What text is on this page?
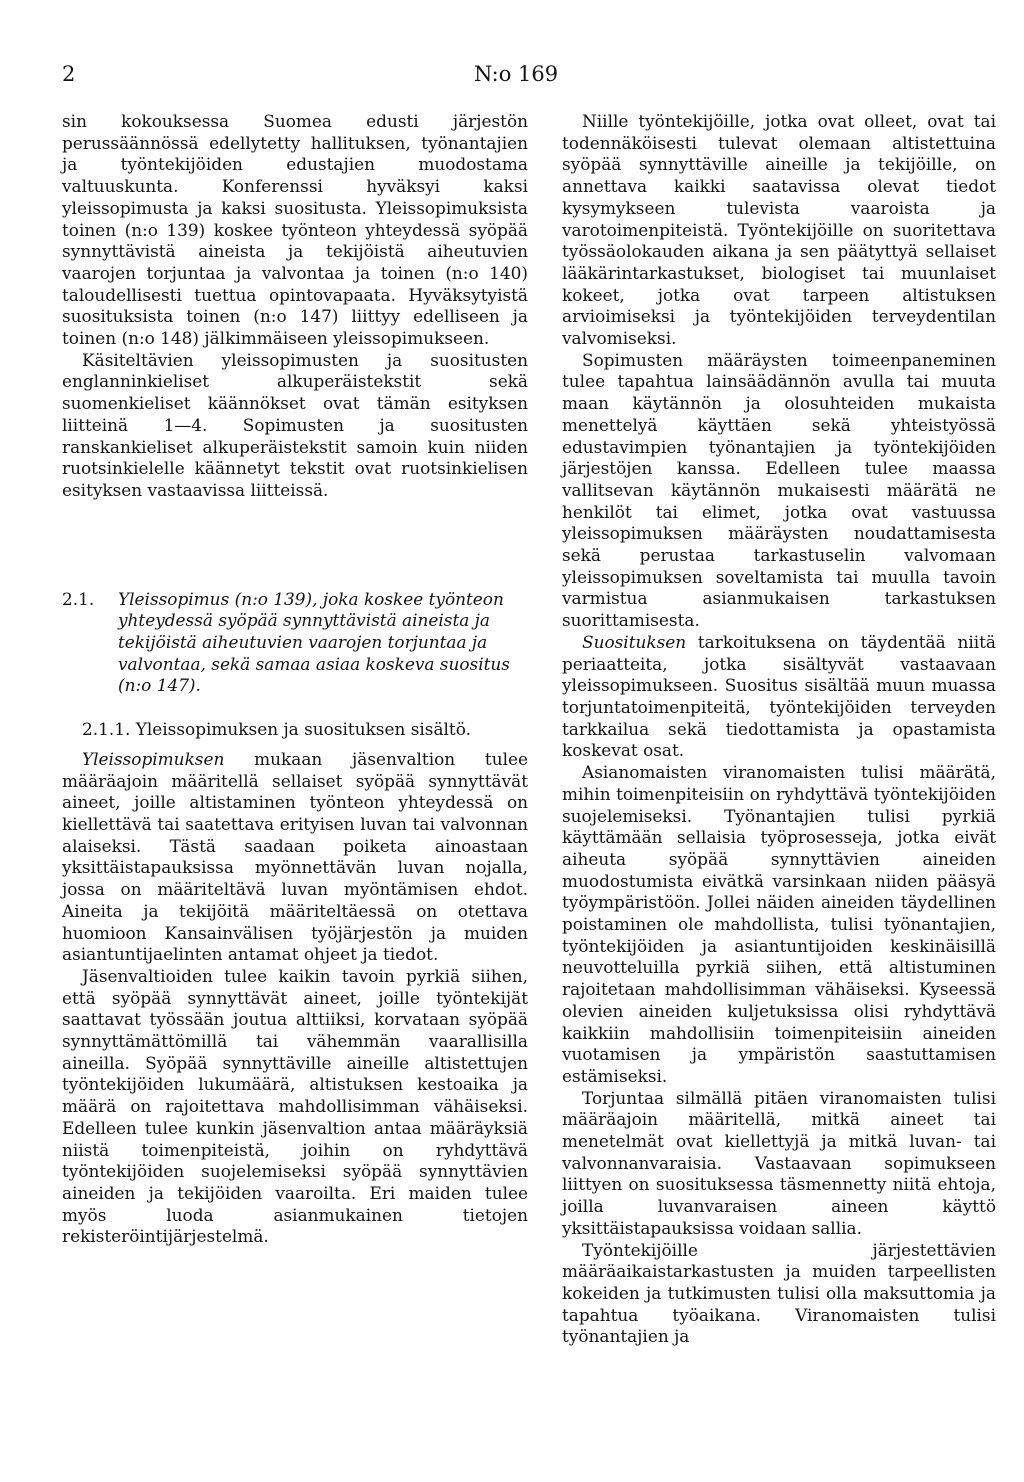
2	N:o 169

sin kokouksessa Suomea edusti järjestön perussäännössä edellytetty hallituksen, työnantajien ja työntekijöiden edustajien muodostama valtuuskunta. Konferenssi hyväksyi kaksi yleissopimusta ja kaksi suositusta. Yleissopimuksista toinen (n:o 139) koskee työnteon yhteydessä syöpää synnyttävistä aineista ja tekijöistä aiheutuvien vaarojen torjuntaa ja valvontaa ja toinen (n:o 140) taloudellisesti tuettua opintovapaata. Hyväksytyistä suosituksista toinen (n:o 147) liittyy edelliseen ja toinen (n:o 148) jälkimmäiseen yleissopimukseen.

Käsiteltävien yleissopimusten ja suositusten englanninkieliset alkuperäistekstit sekä suomenkieliset käännökset ovat tämän esityksen liitteinä 1—4. Sopimusten ja suositusten ranskankieliset alkuperäistekstit samoin kuin niiden ruotsinkielelle käännetyt tekstit ovat ruotsinkielisen esityksen vastaavissa liitteissä.

2.1.	Yleissopimus (n:o 139), joka koskee työnteon yhteydessä syöpää synnyttävistä aineista ja tekijöistä aiheutuvien vaarojen torjuntaa ja valvontaa, sekä samaa asiaa koskeva suositus (n:o 147).

2.1.1. Yleissopimuksen ja suosituksen sisältö.

Yleissopimuksen mukaan jäsenvaltion tulee määräajoin määritellä sellaiset syöpää synnyttävät aineet, joille altistaminen työnteon yhteydessä on kiellettävä tai saatettava erityisen luvan tai valvonnan alaiseksi. Tästä saadaan poiketa ainoastaan yksittäistapauksissa myönnettävän luvan nojalla, jossa on määriteltävä luvan myöntämisen ehdot. Aineita ja tekijöitä määriteltäessä on otettava huomioon Kansainvälisen työjärjestön ja muiden asiantuntijaelinten antamat ohjeet ja tiedot.

Jäsenvaltioiden tulee kaikin tavoin pyrkiä siihen, että syöpää synnyttävät aineet, joille työntekijät saattavat työssään joutua alttiiksi, korvataan syöpää synnyttämättömillä tai vähemmän vaarallisilla aineilla. Syöpää synnyttäville aineille altistettujen työntekijöiden lukumäärä, altistuksen kestoaika ja määrä on rajoitettava mahdollisimman vähäiseksi. Edelleen tulee kunkin jäsenvaltion antaa määräyksiä niistä toimenpiteistä, joihin on ryhdyttävä työntekijöiden suojelemiseksi syöpää synnyttävien aineiden ja tekijöiden vaaroilta. Eri maiden tulee myös luoda asianmukainen tietojen rekisteröintijärjestelmä.

Niille työntekijöille, jotka ovat olleet, ovat tai todennäköisesti tulevat olemaan altistettuina syöpää synnyttäville aineille ja tekijöille, on annettava kaikki saatavissa olevat tiedot kysymykseen tulevista vaaroista ja varotoimenpiteistä. Työntekijöille on suoritettava työssäolokauden aikana ja sen päätyttyä sellaiset lääkärintarkastukset, biologiset tai muunlaiset kokeet, jotka ovat tarpeen altistuksen arvioimiseksi ja työntekijöiden terveydentilan valvomiseksi.

Sopimusten määräysten toimeenpaneminen tulee tapahtua lainsäädännön avulla tai muuta maan käytännön ja olosuhteiden mukaista menettelyä käyttäen sekä yhteistyössä edustavimpien työnantajien ja työntekijöiden järjestöjen kanssa. Edelleen tulee maassa vallitsevan käytännön mukaisesti määrätä ne henkilöt tai elimet, jotka ovat vastuussa yleissopimuksen määräysten noudattamisesta sekä perustaa tarkastuselin valvomaan yleissopimuksen soveltamista tai muulla tavoin varmistua asianmukaisen tarkastuksen suorittamisesta.

Suosituksen tarkoituksena on täydentää niitä periaatteita, jotka sisältyvät vastaavaan yleissopimukseen. Suositus sisältää muun muassa torjuntatoimenpiteitä, työntekijöiden terveyden tarkkailua sekä tiedottamista ja opastamista koskevat osat.

Asianomaisten viranomaisten tulisi määrätä, mihin toimenpiteisiin on ryhdyttävä työntekijöiden suojelemiseksi. Työnantajien tulisi pyrkiä käyttämään sellaisia työprosesseja, jotka eivät aiheuta syöpää synnyttävien aineiden muodostumista eivätkä varsinkaan niiden pääsyä työympäristöön. Jollei näiden aineiden täydellinen poistaminen ole mahdollista, tulisi työnantajien, työntekijöiden ja asiantuntijoiden keskinäisillä neuvotteluilla pyrkiä siihen, että altistuminen rajoitetaan mahdollisimman vähäiseksi. Kyseessä olevien aineiden kuljetuksissa olisi ryhdyttävä kaikkiin mahdollisiin toimenpiteisiin aineiden vuotamisen ja ympäristön saastuttamisen estämiseksi.

Torjuntaa silmällä pitäen viranomaisten tulisi määräajoin määritellä, mitkä aineet tai menetelmät ovat kiellettyjä ja mitkä luvan- tai valvonnanvaraisia. Vastaavaan sopimukseen liittyen on suosituksessa täsmennetty niitä ehtoja, joilla luvanvaraisen aineen käyttö yksittäistapauksissa voidaan sallia.

Työntekijöille järjestettävien määräaikaistarkastusten ja muiden tarpeellisten kokeiden ja tutkimusten tulisi olla maksuttomia ja tapahtua työaikana. Viranomaisten tulisi työnantajien ja
